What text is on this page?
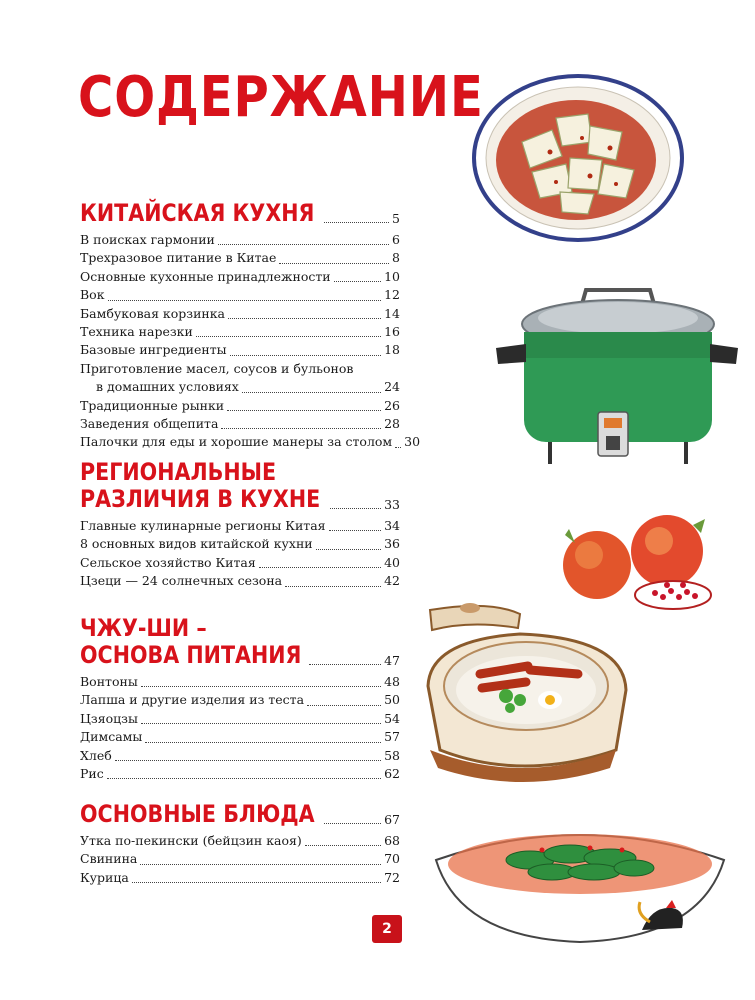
СОДЕРЖАНИЕ
КИТАЙСКАЯ КУХНЯ	5
В поисках гармонии	6
Трехразовое питание в Китае	8
Основные кухонные принадлежности	10
Вок	12
Бамбуковая корзинка	14
Техника нарезки	16
Базовые ингредиенты	18
Приготовление масел, соусов и бульонов
в домашних условиях	24
Традиционные рынки	26
Заведения общепита	28
Палочки для еды и хорошие манеры за столом 30
РЕГИОНАЛЬНЫЕ
РАЗЛИЧИЯ В КУХНЕ	33
Главные кулинарные регионы Китая	34
8 основных видов китайской кухни	36
Сельское хозяйство Китая	40
Цзеци — 24 солнечных сезона	42
ЧЖУ-ШИ –
ОСНОВА ПИТАНИЯ	47
Вонтоны	48
Лапша и другие изделия из теста	50
Цзяоцзы	54
Димсамы	57
Хлеб	58
Рис	62
ОСНОВНЫЕ БЛЮДА	67
Утка по-пекински (бейцзин каоя)	68
Свинина	70
Курица	72
2
